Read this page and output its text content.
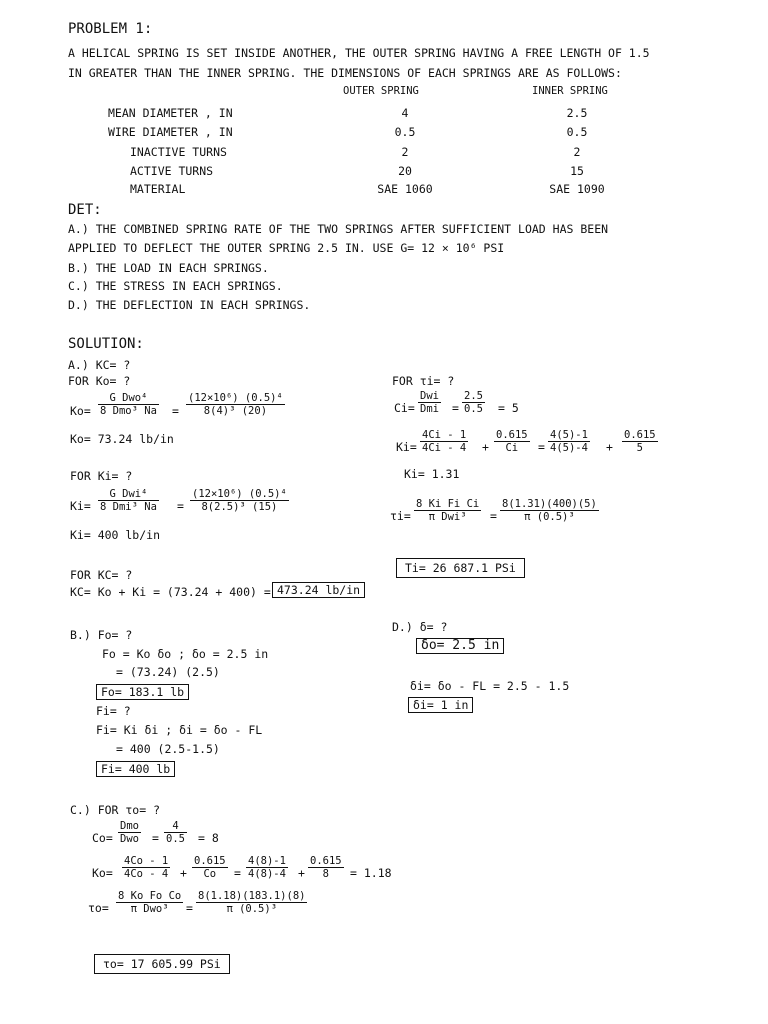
PROBLEM 1:
A HELICAL SPRING IS SET INSIDE ANOTHER, THE OUTER SPRING HAVING A FREE LENGTH OF 1.5
IN GREATER THAN THE INNER SPRING. THE DIMENSIONS OF EACH SPRINGS ARE AS FOLLOWS:
OUTER SPRING	INNER SPRING
MEAN DIAMETER , IN	4	2.5
WIRE DIAMETER , IN	0.5	0.5
INACTIVE TURNS	2	2
ACTIVE TURNS	20	15
MATERIAL	SAE 1060	SAE 1090
DET:
A.) THE COMBINED SPRING RATE OF THE TWO SPRINGS AFTER SUFFICIENT LOAD HAS BEEN
APPLIED TO DEFLECT THE OUTER SPRING 2.5 IN. USE G= 12 × 10⁶ PSI
B.) THE LOAD IN EACH SPRINGS.
C.) THE STRESS IN EACH SPRINGS.
D.) THE DEFLECTION IN EACH SPRINGS.
SOLUTION:
A.) KC= ?
FOR Ko= ?
Ko=
G Dwo⁴
8 Dmo³ $Na = \frac{\text{(12×10⁶) (0.5)⁴}}{\text{8(4)³ (20)}}$
Ko= 73.24 lb/in
FOR Ki= ?
Ki=
G Dwi⁴
8 Dmi³ $Na = \frac{\text{(12×10⁶) (0.5)⁴}}{\text{8(2.5)³ (15)}}$
Ki= 400 lb/in
FOR KC= ?
KC= Ko + Ki = (73.24 + 400) = 473.24 lb/in
FOR τi= ?
Ci=
Dwi
Dmi = $\frac{2.5}{0.5} = 5$
$Ki= \frac{4Ci - 1}{4Ci - 4} + \frac{0.615}{Ci} = \frac{4(5)-1}{4(5)-4} + \frac{0.615}{5}$
Ki= 1.31
τi=
8 Ki Fi Ci
π Dwi³	= $\frac{8(1.31)(400)(5)}{\text{π (0.5)³}}$
Ti= 26 687.1 PSi
B.) Fo= ?
Fo = Ko δo ; δo = 2.5 in
= (73.24) (2.5)
Fo= 183.1 lb
Fi= ?
Fi= Ki δi ; δi = δo - FL
= 400 (2.5-1.5)
Fi= 400 lb
D.) δ= ?
δo= 2.5 in
δi= δo - FL = 2.5 - 1.5
δi= 1 in
C.) FOR τo= ?
Co=
Dmo
Dwo = $\frac{4}{0.5} = 8$
$Ko= \frac{4Co - 1}{4Co - 4} + \frac{0.615}{Co} = \frac{4(8)-1}{4(8)-4} + \frac{0.615}{8} = 1.18$
τo=
8 Ko Fo Co
π Dwo³	= $\frac{8(1.18)(183.1)(8)}{\text{π (0.5)³}}$
τo= 17 605.99 PSi
